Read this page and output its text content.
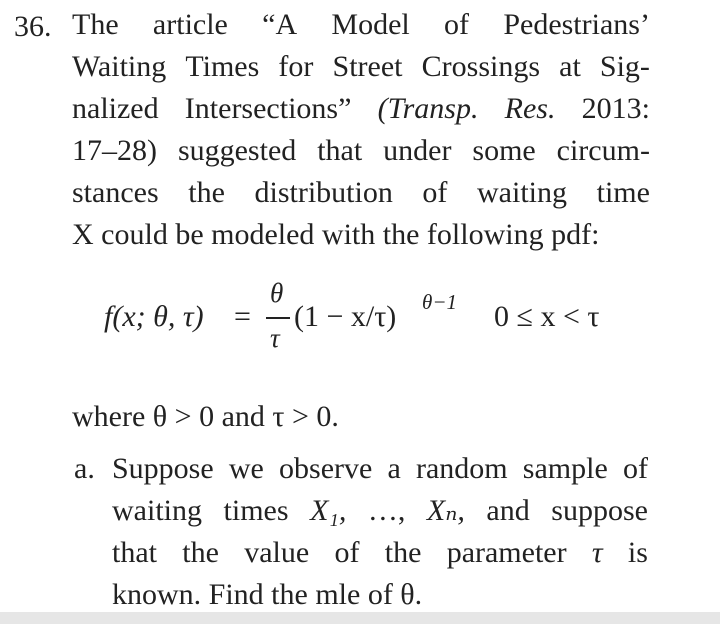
36. The article “A Model of Pedestrians’
Waiting Times for Street Crossings at Sig-
nalized Intersections” (Transp. Res. 2013:
17–28) suggested that under some circum-
stances the distribution of waiting time
X could be modeled with the following pdf:
f(x; θ, τ) =
θ
τ
(1 − x/τ) θ−1 0 ≤ x < τ
where θ > 0 and τ > 0.
a. Suppose we observe a random sample of
waiting times X₁, …, Xₙ, and suppose
that the value of the parameter τ is
known. Find the mle of θ.
